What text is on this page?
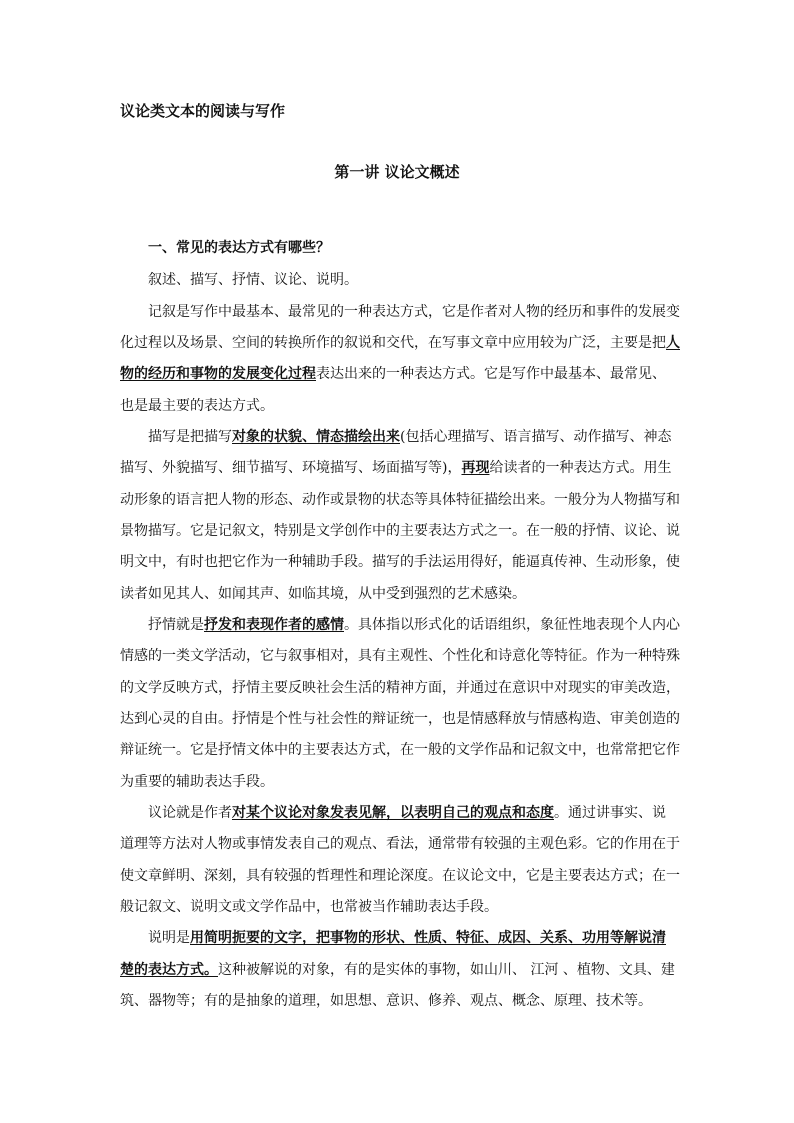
议论类文本的阅读与写作
第一讲 议论文概述
一、常见的表达方式有哪些？
叙述、描写、抒情、议论、说明。
记叙是写作中最基本、最常见的一种表达方式，它是作者对人物的经历和事件的发展变
化过程以及场景、空间的转换所作的叙说和交代，在写事文章中应用较为广泛，主要是把人
物的经历和事物的发展变化过程表达出来的一种表达方式。它是写作中最基本、最常见、
也是最主要的表达方式。
描写是把描写对象的状貌、情态描绘出来(包括心理描写、语言描写、动作描写、神态
描写、外貌描写、细节描写、环境描写、场面描写等)，再现给读者的一种表达方式。用生
动形象的语言把人物的形态、动作或景物的状态等具体特征描绘出来。一般分为人物描写和
景物描写。它是记叙文，特别是文学创作中的主要表达方式之一。在一般的抒情、议论、说
明文中，有时也把它作为一种辅助手段。描写的手法运用得好，能逼真传神、生动形象，使
读者如见其人、如闻其声、如临其境，从中受到强烈的艺术感染。
抒情就是抒发和表现作者的感情。具体指以形式化的话语组织，象征性地表现个人内心
情感的一类文学活动，它与叙事相对，具有主观性、个性化和诗意化等特征。作为一种特殊
的文学反映方式，抒情主要反映社会生活的精神方面，并通过在意识中对现实的审美改造，
达到心灵的自由。抒情是个性与社会性的辩证统一，也是情感释放与情感构造、审美创造的
辩证统一。它是抒情文体中的主要表达方式，在一般的文学作品和记叙文中，也常常把它作
为重要的辅助表达手段。
议论就是作者对某个议论对象发表见解，以表明自己的观点和态度。通过讲事实、说
道理等方法对人物或事情发表自己的观点、看法，通常带有较强的主观色彩。它的作用在于
使文章鲜明、深刻，具有较强的哲理性和理论深度。在议论文中，它是主要表达方式；在一
般记叙文、说明文或文学作品中，也常被当作辅助表达手段。
说明是用简明扼要的文字，把事物的形状、性质、特征、成因、关系、功用等解说清
楚的表达方式。这种被解说的对象，有的是实体的事物，如山川、 江河 、植物、文具、建
筑、器物等；有的是抽象的道理，如思想、意识、修养、观点、概念、原理、技术等。
